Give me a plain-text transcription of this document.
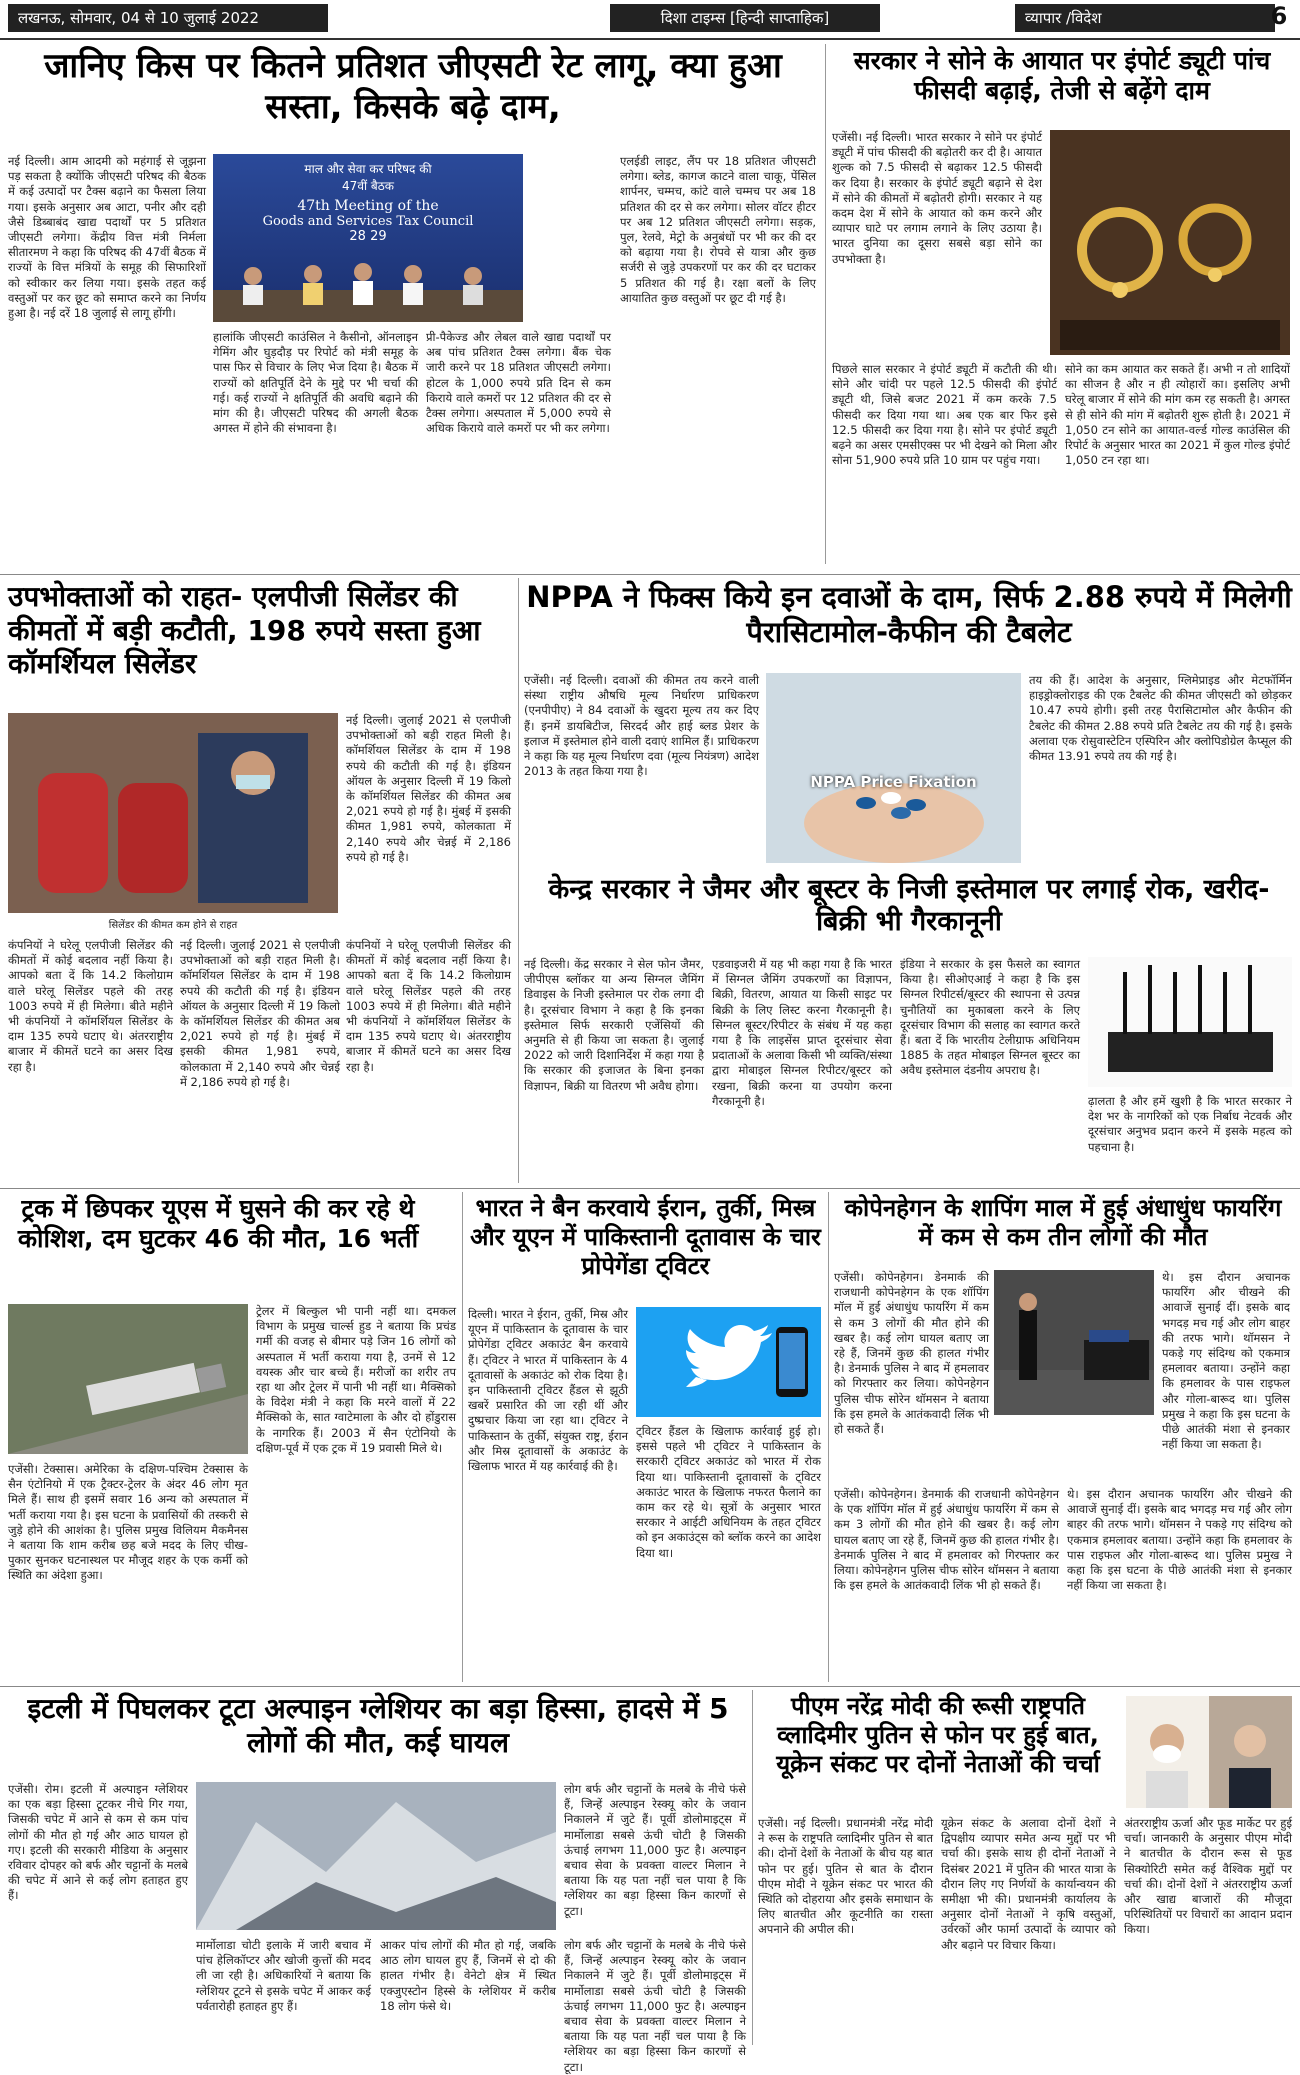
लखनऊ, सोमवार, 04 से 10 जुलाई 2022	दिशा टाइम्स [हिन्दी साप्ताहिक]	व्यापार /विदेश	6
जानिए किस पर कितने प्रतिशत जीएसटी रेट लागू, क्या हुआ सस्ता, किसके बढ़े दाम,
माल और सेवा कर परिषद की
47वीं बैठक
47th Meeting of the
Goods and Services Tax Council
28 29
नई दिल्ली। आम आदमी को महंगाई से जूझना पड़ सकता है क्योंकि जीएसटी परिषद की बैठक में कई उत्पादों पर टैक्स बढ़ाने का फैसला लिया गया। इसके अनुसार अब आटा, पनीर और दही जैसे डिब्बाबंद खाद्य पदार्थों पर 5 प्रतिशत जीएसटी लगेगा। केंद्रीय वित्त मंत्री निर्मला सीतारमण ने कहा कि परिषद की 47वीं बैठक में राज्यों के वित्त मंत्रियों के समूह की सिफारिशों को स्वीकार कर लिया गया। इसके तहत कई वस्तुओं पर कर छूट को समाप्त करने का निर्णय हुआ है। नई दरें 18 जुलाई से लागू होंगी।
हालांकि जीएसटी काउंसिल ने कैसीनो, ऑनलाइन गेमिंग और घुड़दौड़ पर रिपोर्ट को मंत्री समूह के पास फिर से विचार के लिए भेज दिया है। बैठक में राज्यों को क्षतिपूर्ति देने के मुद्दे पर भी चर्चा की गई। कई राज्यों ने क्षतिपूर्ति की अवधि बढ़ाने की मांग की है। जीएसटी परिषद की अगली बैठक अगस्त में होने की संभावना है।
प्री-पैकेज्ड और लेबल वाले खाद्य पदार्थों पर अब पांच प्रतिशत टैक्स लगेगा। बैंक चेक जारी करने पर 18 प्रतिशत जीएसटी लगेगा। होटल के 1,000 रुपये प्रति दिन से कम किराये वाले कमरों पर 12 प्रतिशत की दर से टैक्स लगेगा। अस्पताल में 5,000 रुपये से अधिक किराये वाले कमरों पर भी कर लगेगा।
एलईडी लाइट, लैंप पर 18 प्रतिशत जीएसटी लगेगा। ब्लेड, कागज काटने वाला चाकू, पेंसिल शार्पनर, चम्मच, कांटे वाले चम्मच पर अब 18 प्रतिशत की दर से कर लगेगा। सोलर वॉटर हीटर पर अब 12 प्रतिशत जीएसटी लगेगा। सड़क, पुल, रेलवे, मेट्रो के अनुबंधों पर भी कर की दर को बढ़ाया गया है। रोपवे से यात्रा और कुछ सर्जरी से जुड़े उपकरणों पर कर की दर घटाकर 5 प्रतिशत की गई है। रक्षा बलों के लिए आयातित कुछ वस्तुओं पर छूट दी गई है।
सरकार ने सोने के आयात पर इंपोर्ट ड्यूटी पांच फीसदी बढ़ाई, तेजी से बढ़ेंगे दाम
एजेंसी। नई दिल्ली। भारत सरकार ने सोने पर इंपोर्ट ड्यूटी में पांच फीसदी की बढ़ोतरी कर दी है। आयात शुल्क को 7.5 फीसदी से बढ़ाकर 12.5 फीसदी कर दिया है। सरकार के इंपोर्ट ड्यूटी बढ़ाने से देश में सोने की कीमतों में बढ़ोतरी होगी। सरकार ने यह कदम देश में सोने के आयात को कम करने और व्यापार घाटे पर लगाम लगाने के लिए उठाया है। भारत दुनिया का दूसरा सबसे बड़ा सोने का उपभोक्ता है।
पिछले साल सरकार ने इंपोर्ट ड्यूटी में कटौती की थी। सोने और चांदी पर पहले 12.5 फीसदी की इंपोर्ट ड्यूटी थी, जिसे बजट 2021 में कम करके 7.5 फीसदी कर दिया गया था। अब एक बार फिर इसे 12.5 फीसदी कर दिया गया है। सोने पर इंपोर्ट ड्यूटी बढ़ने का असर एमसीएक्स पर भी देखने को मिला और सोना 51,900 रुपये प्रति 10 ग्राम पर पहुंच गया।
सोने का कम आयात कर सकते हैं। अभी न तो शादियों का सीजन है और न ही त्योहारों का। इसलिए अभी घरेलू बाजार में सोने की मांग कम रह सकती है। अगस्त से ही सोने की मांग में बढ़ोतरी शुरू होती है। 2021 में 1,050 टन सोने का आयात-वर्ल्ड गोल्ड काउंसिल की रिपोर्ट के अनुसार भारत का 2021 में कुल गोल्ड इंपोर्ट 1,050 टन रहा था।
उपभोक्ताओं को राहत- एलपीजी सिलेंडर की कीमतों में बड़ी कटौती, 198 रुपये सस्ता हुआ कॉमर्शियल सिलेंडर
सिलेंडर की कीमत कम होने से राहत
नई दिल्ली। जुलाई 2021 से एलपीजी उपभोक्ताओं को बड़ी राहत मिली है। कॉमर्शियल सिलेंडर के दाम में 198 रुपये की कटौती की गई है। इंडियन ऑयल के अनुसार दिल्ली में 19 किलो के कॉमर्शियल सिलेंडर की कीमत अब 2,021 रुपये हो गई है। मुंबई में इसकी कीमत 1,981 रुपये, कोलकाता में 2,140 रुपये और चेन्नई में 2,186 रुपये हो गई है।
कंपनियों ने घरेलू एलपीजी सिलेंडर की कीमतों में कोई बदलाव नहीं किया है। आपको बता दें कि 14.2 किलोग्राम वाले घरेलू सिलेंडर पहले की तरह 1003 रुपये में ही मिलेगा। बीते महीने भी कंपनियों ने कॉमर्शियल सिलेंडर के दाम 135 रुपये घटाए थे। अंतरराष्ट्रीय बाजार में कीमतें घटने का असर दिख रहा है।
नई दिल्ली। जुलाई 2021 से एलपीजी उपभोक्ताओं को बड़ी राहत मिली है। कॉमर्शियल सिलेंडर के दाम में 198 रुपये की कटौती की गई है। इंडियन ऑयल के अनुसार दिल्ली में 19 किलो के कॉमर्शियल सिलेंडर की कीमत अब 2,021 रुपये हो गई है। मुंबई में इसकी कीमत 1,981 रुपये, कोलकाता में 2,140 रुपये और चेन्नई में 2,186 रुपये हो गई है।
कंपनियों ने घरेलू एलपीजी सिलेंडर की कीमतों में कोई बदलाव नहीं किया है। आपको बता दें कि 14.2 किलोग्राम वाले घरेलू सिलेंडर पहले की तरह 1003 रुपये में ही मिलेगा। बीते महीने भी कंपनियों ने कॉमर्शियल सिलेंडर के दाम 135 रुपये घटाए थे। अंतरराष्ट्रीय बाजार में कीमतें घटने का असर दिख रहा है।
NPPA ने फिक्स किये इन दवाओं के दाम, सिर्फ 2.88 रुपये में मिलेगी पैरासिटामोल-कैफीन की टैबलेट
एजेंसी। नई दिल्ली। दवाओं की कीमत तय करने वाली संस्था राष्ट्रीय औषधि मूल्य निर्धारण प्राधिकरण (एनपीपीए) ने 84 दवाओं के खुदरा मूल्य तय कर दिए हैं। इनमें डायबिटीज, सिरदर्द और हाई ब्लड प्रेशर के इलाज में इस्तेमाल होने वाली दवाएं शामिल हैं। प्राधिकरण ने कहा कि यह मूल्य निर्धारण दवा (मूल्य नियंत्रण) आदेश 2013 के तहत किया गया है।
NPPA Price Fixation
तय की हैं। आदेश के अनुसार, ग्लिमेप्राइड और मेटफॉर्मिन हाइड्रोक्लोराइड की एक टैबलेट की कीमत जीएसटी को छोड़कर 10.47 रुपये होगी। इसी तरह पैरासिटामोल और कैफीन की टैबलेट की कीमत 2.88 रुपये प्रति टैबलेट तय की गई है। इसके अलावा एक रोसुवास्टेटिन एस्पिरिन और क्लोपिडोग्रेल कैप्सूल की कीमत 13.91 रुपये तय की गई है।
केन्द्र सरकार ने जैमर और बूस्टर के निजी इस्तेमाल पर लगाई रोक, खरीद-बिक्री भी गैरकानूनी
नई दिल्ली। केंद्र सरकार ने सेल फोन जैमर, जीपीएस ब्लॉकर या अन्य सिग्नल जैमिंग डिवाइस के निजी इस्तेमाल पर रोक लगा दी है। दूरसंचार विभाग ने कहा है कि इनका इस्तेमाल सिर्फ सरकारी एजेंसियों की अनुमति से ही किया जा सकता है। जुलाई 2022 को जारी दिशानिर्देश में कहा गया है कि सरकार की इजाजत के बिना इनका विज्ञापन, बिक्री या वितरण भी अवैध होगा।
एडवाइजरी में यह भी कहा गया है कि भारत में सिग्नल जैमिंग उपकरणों का विज्ञापन, बिक्री, वितरण, आयात या किसी साइट पर बिक्री के लिए लिस्ट करना गैरकानूनी है। सिग्नल बूस्टर/रिपीटर के संबंध में यह कहा गया है कि लाइसेंस प्राप्त दूरसंचार सेवा प्रदाताओं के अलावा किसी भी व्यक्ति/संस्था द्वारा मोबाइल सिग्नल रिपीटर/बूस्टर को रखना, बिक्री करना या उपयोग करना गैरकानूनी है।
इंडिया ने सरकार के इस फैसले का स्वागत किया है। सीओएआई ने कहा है कि इस सिग्नल रिपीटर्स/बूस्टर की स्थापना से उत्पन्न चुनौतियों का मुकाबला करने के लिए दूरसंचार विभाग की सलाह का स्वागत करते हैं। बता दें कि भारतीय टेलीग्राफ अधिनियम 1885 के तहत मोबाइल सिग्नल बूस्टर का अवैध इस्तेमाल दंडनीय अपराध है।
ढ़ालता है और हमें खुशी है कि भारत सरकार ने देश भर के नागरिकों को एक निर्बाध नेटवर्क और दूरसंचार अनुभव प्रदान करने में इसके महत्व को पहचाना है।
ट्रक में छिपकर यूएस में घुसने की कर रहे थे कोशिश, दम घुटकर 46 की मौत, 16 भर्ती
एजेंसी। टेक्सास। अमेरिका के दक्षिण-पश्चिम टेक्सास के सैन एंटोनियो में एक ट्रैक्टर-ट्रेलर के अंदर 46 लोग मृत मिले हैं। साथ ही इसमें सवार 16 अन्य को अस्पताल में भर्ती कराया गया है। इस घटना के प्रवासियों की तस्करी से जुड़े होने की आशंका है। पुलिस प्रमुख विलियम मैकमैनस ने बताया कि शाम करीब छह बजे मदद के लिए चीख-पुकार सुनकर घटनास्थल पर मौजूद शहर के एक कर्मी को स्थिति का अंदेशा हुआ।
ट्रेलर में बिल्कुल भी पानी नहीं था। दमकल विभाग के प्रमुख चार्ल्स हुड ने बताया कि प्रचंड गर्मी की वजह से बीमार पड़े जिन 16 लोगों को अस्पताल में भर्ती कराया गया है, उनमें से 12 वयस्क और चार बच्चे हैं। मरीजों का शरीर तप रहा था और ट्रेलर में पानी भी नहीं था। मैक्सिको के विदेश मंत्री ने कहा कि मरने वालों में 22 मैक्सिको के, सात ग्वाटेमाला के और दो होंडुरास के नागरिक हैं। 2003 में सैन एंटोनियो के दक्षिण-पूर्व में एक ट्रक में 19 प्रवासी मिले थे।
भारत ने बैन करवाये ईरान, तुर्की, मिस्त्र और यूएन में पाकिस्तानी दूतावास के चार प्रोपेगेंडा ट्विटर
दिल्ली। भारत ने ईरान, तुर्की, मिस्र और यूएन में पाकिस्तान के दूतावास के चार प्रोपेगेंडा ट्विटर अकाउंट बैन करवाये हैं। ट्विटर ने भारत में पाकिस्तान के 4 दूतावासों के अकाउंट को रोक दिया है। इन पाकिस्तानी ट्विटर हैंडल से झूठी खबरें प्रसारित की जा रही थीं और दुष्प्रचार किया जा रहा था। ट्विटर ने पाकिस्तान के तुर्की, संयुक्त राष्ट्र, ईरान और मिस्र दूतावासों के अकाउंट के खिलाफ भारत में यह कार्रवाई की है।
ट्विटर हैंडल के खिलाफ कार्रवाई हुई हो। इससे पहले भी ट्विटर ने पाकिस्तान के सरकारी ट्विटर अकाउंट को भारत में रोक दिया था। पाकिस्तानी दूतावासों के ट्विटर अकाउंट भारत के खिलाफ नफरत फैलाने का काम कर रहे थे। सूत्रों के अनुसार भारत सरकार ने आईटी अधिनियम के तहत ट्विटर को इन अकाउंट्स को ब्लॉक करने का आदेश दिया था।
कोपेनहेगन के शापिंग माल में हुई अंधाधुंध फायरिंग में कम से कम तीन लोगों की मौत
एजेंसी। कोपेनहेगन। डेनमार्क की राजधानी कोपेनहेगन के एक शॉपिंग मॉल में हुई अंधाधुंध फायरिंग में कम से कम 3 लोगों की मौत होने की खबर है। कई लोग घायल बताए जा रहे हैं, जिनमें कुछ की हालत गंभीर है। डेनमार्क पुलिस ने बाद में हमलावर को गिरफ्तार कर लिया। कोपेनहेगन पुलिस चीफ सोरेन थॉमसन ने बताया कि इस हमले के आतंकवादी लिंक भी हो सकते हैं।
थे। इस दौरान अचानक फायरिंग और चीखने की आवाजें सुनाई दीं। इसके बाद भगदड़ मच गई और लोग बाहर की तरफ भागे। थॉमसन ने पकड़े गए संदिग्ध को एकमात्र हमलावर बताया। उन्होंने कहा कि हमलावर के पास राइफल और गोला-बारूद था। पुलिस प्रमुख ने कहा कि इस घटना के पीछे आतंकी मंशा से इनकार नहीं किया जा सकता है।
एजेंसी। कोपेनहेगन। डेनमार्क की राजधानी कोपेनहेगन के एक शॉपिंग मॉल में हुई अंधाधुंध फायरिंग में कम से कम 3 लोगों की मौत होने की खबर है। कई लोग घायल बताए जा रहे हैं, जिनमें कुछ की हालत गंभीर है। डेनमार्क पुलिस ने बाद में हमलावर को गिरफ्तार कर लिया। कोपेनहेगन पुलिस चीफ सोरेन थॉमसन ने बताया कि इस हमले के आतंकवादी लिंक भी हो सकते हैं।
थे। इस दौरान अचानक फायरिंग और चीखने की आवाजें सुनाई दीं। इसके बाद भगदड़ मच गई और लोग बाहर की तरफ भागे। थॉमसन ने पकड़े गए संदिग्ध को एकमात्र हमलावर बताया। उन्होंने कहा कि हमलावर के पास राइफल और गोला-बारूद था। पुलिस प्रमुख ने कहा कि इस घटना के पीछे आतंकी मंशा से इनकार नहीं किया जा सकता है।
इटली में पिघलकर टूटा अल्पाइन ग्लेशियर का बड़ा हिस्सा, हादसे में 5 लोगों की मौत, कई घायल
एजेंसी। रोम। इटली में अल्पाइन ग्लेशियर का एक बड़ा हिस्सा टूटकर नीचे गिर गया, जिसकी चपेट में आने से कम से कम पांच लोगों की मौत हो गई और आठ घायल हो गए। इटली की सरकारी मीडिया के अनुसार रविवार दोपहर को बर्फ और चट्टानों के मलबे की चपेट में आने से कई लोग हताहत हुए हैं।
लोग बर्फ और चट्टानों के मलबे के नीचे फंसे हैं, जिन्हें अल्पाइन रेस्क्यू कोर के जवान निकालने में जुटे हैं। पूर्वी डोलोमाइट्स में मार्मोलाडा सबसे ऊंची चोटी है जिसकी ऊंचाई लगभग 11,000 फुट है। अल्पाइन बचाव सेवा के प्रवक्ता वाल्टर मिलान ने बताया कि यह पता नहीं चल पाया है कि ग्लेशियर का बड़ा हिस्सा किन कारणों से टूटा।
मार्मोलाडा चोटी इलाके में जारी बचाव में पांच हेलिकॉप्टर और खोजी कुत्तों की मदद ली जा रही है। अधिकारियों ने बताया कि ग्लेशियर टूटने से इसके चपेट में आकर कई पर्वतारोही हताहत हुए हैं।
आकर पांच लोगों की मौत हो गई, जबकि आठ लोग घायल हुए हैं, जिनमें से दो की हालत गंभीर है। वेनेटो क्षेत्र में स्थित एक्जुएस्टोन हिस्से के ग्लेशियर में करीब 18 लोग फंसे थे।
लोग बर्फ और चट्टानों के मलबे के नीचे फंसे हैं, जिन्हें अल्पाइन रेस्क्यू कोर के जवान निकालने में जुटे हैं। पूर्वी डोलोमाइट्स में मार्मोलाडा सबसे ऊंची चोटी है जिसकी ऊंचाई लगभग 11,000 फुट है। अल्पाइन बचाव सेवा के प्रवक्ता वाल्टर मिलान ने बताया कि यह पता नहीं चल पाया है कि ग्लेशियर का बड़ा हिस्सा किन कारणों से टूटा।
पीएम नरेंद्र मोदी की रूसी राष्ट्रपति व्लादिमीर पुतिन से फोन पर हुई बात, यूक्रेन संकट पर दोनों नेताओं की चर्चा
एजेंसी। नई दिल्ली। प्रधानमंत्री नरेंद्र मोदी ने रूस के राष्ट्रपति व्लादिमीर पुतिन से बात की। दोनों देशों के नेताओं के बीच यह बात फोन पर हुई। पुतिन से बात के दौरान पीएम मोदी ने यूक्रेन संकट पर भारत की स्थिति को दोहराया और इसके समाधान के लिए बातचीत और कूटनीति का रास्ता अपनाने की अपील की।
यूक्रेन संकट के अलावा दोनों देशों ने द्विपक्षीय व्यापार समेत अन्य मुद्दों पर भी चर्चा की। इसके साथ ही दोनों नेताओं ने दिसंबर 2021 में पुतिन की भारत यात्रा के दौरान लिए गए निर्णयों के कार्यान्वयन की समीक्षा भी की। प्रधानमंत्री कार्यालय के अनुसार दोनों नेताओं ने कृषि वस्तुओं, उर्वरकों और फार्मा उत्पादों के व्यापार को और बढ़ाने पर विचार किया।
अंतरराष्ट्रीय ऊर्जा और फूड मार्केट पर हुई चर्चा। जानकारी के अनुसार पीएम मोदी ने बातचीत के दौरान रूस से फूड सिक्योरिटी समेत कई वैश्विक मुद्दों पर चर्चा की। दोनों देशों ने अंतरराष्ट्रीय ऊर्जा और खाद्य बाजारों की मौजूदा परिस्थितियों पर विचारों का आदान प्रदान किया।
